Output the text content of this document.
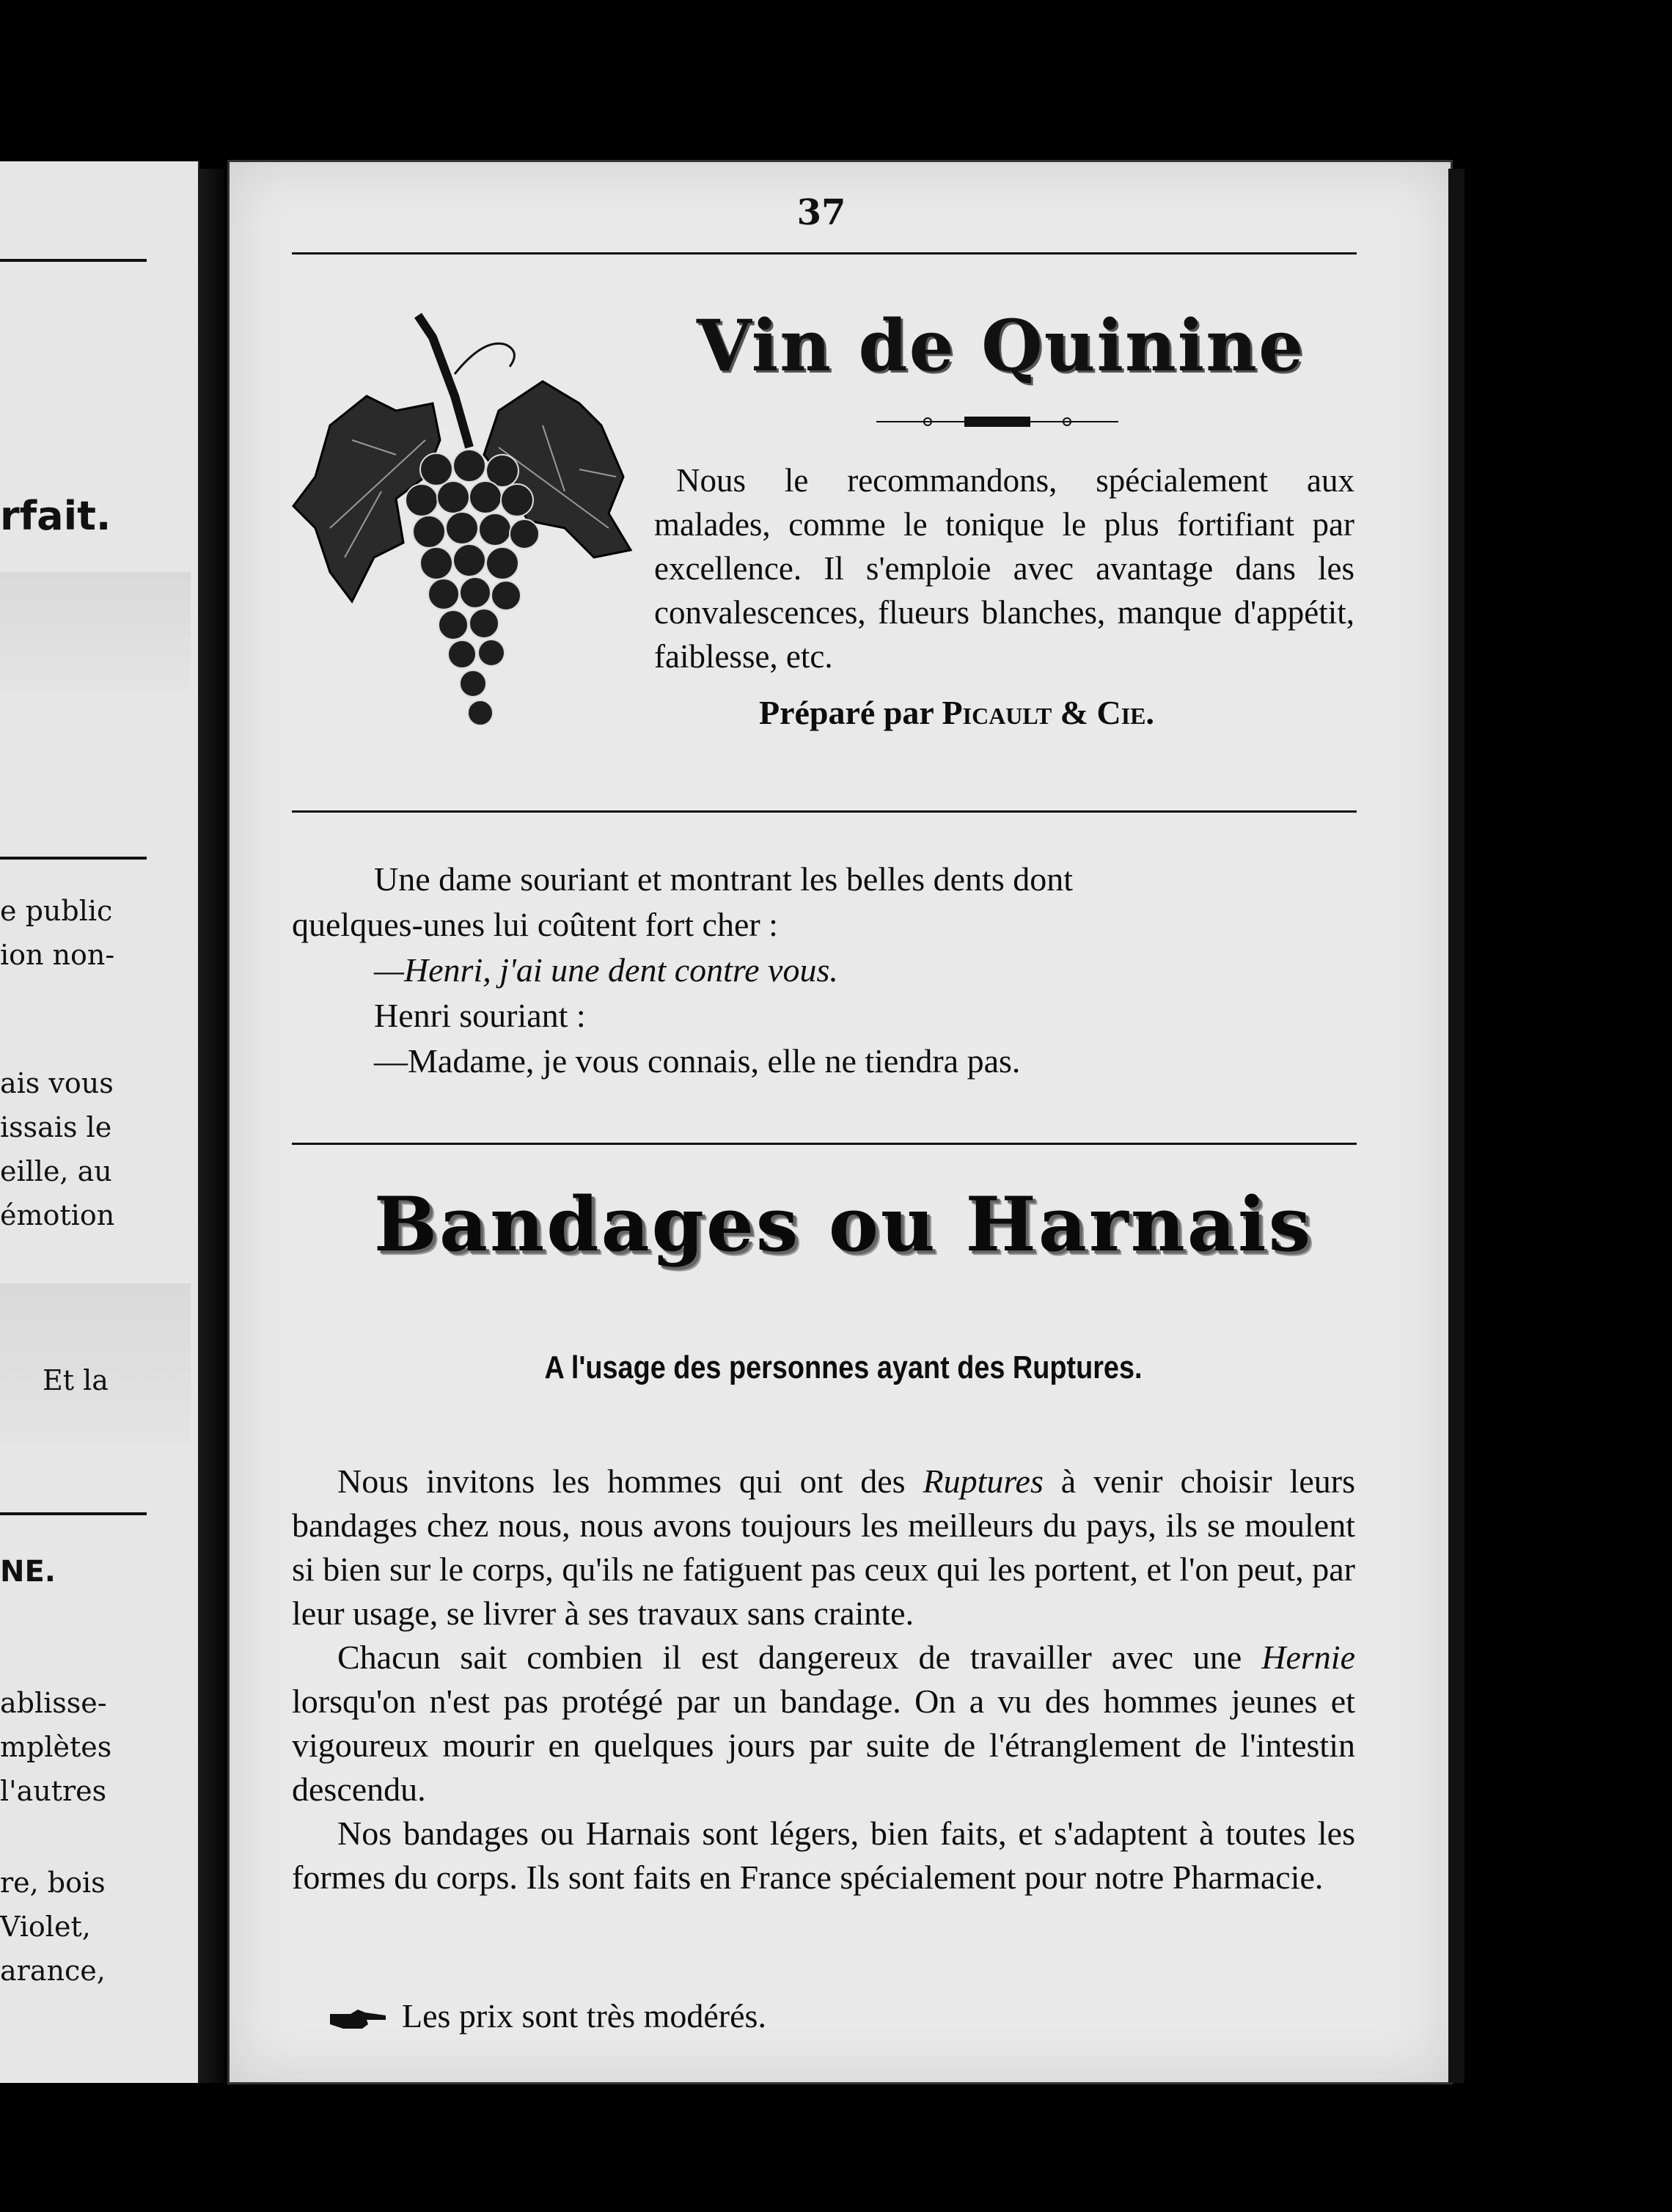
rfait.
e public
ion non-
ais vous
issais le
eille, au
émotion
Et la
NE.
ablisse-
mplètes
l'autres
re, bois
Violet,
arance,
37
Vin de Quinine

Nous le recommandons, spécialement aux malades, comme le tonique le plus fortifiant par excellence. Il s'emploie avec avantage dans les convalescences, flueurs blanches, manque d'appétit, faiblesse, etc.

Préparé par Picault & Cie.
Une dame souriant et montrant les belles dents dont
quelques-unes lui coûtent fort cher :
—Henri, j'ai une dent contre vous.
Henri souriant :
—Madame, je vous connais, elle ne tiendra pas.
Bandages ou Harnais
A l'usage des personnes ayant des Ruptures.

Nous invitons les hommes qui ont des Ruptures à venir choisir leurs bandages chez nous, nous avons toujours les meilleurs du pays, ils se moulent si bien sur le corps, qu'ils ne fatiguent pas ceux qui les portent, et l'on peut, par leur usage, se livrer à ses travaux sans crainte.

Chacun sait combien il est dangereux de travailler avec une Hernie lorsqu'on n'est pas protégé par un bandage. On a vu des hommes jeunes et vigoureux mourir en quelques jours par suite de l'étranglement de l'intestin descendu.

Nos bandages ou Harnais sont légers, bien faits, et s'adaptent à toutes les formes du corps. Ils sont faits en France spécialement pour notre Pharmacie.

Les prix sont très modérés.
